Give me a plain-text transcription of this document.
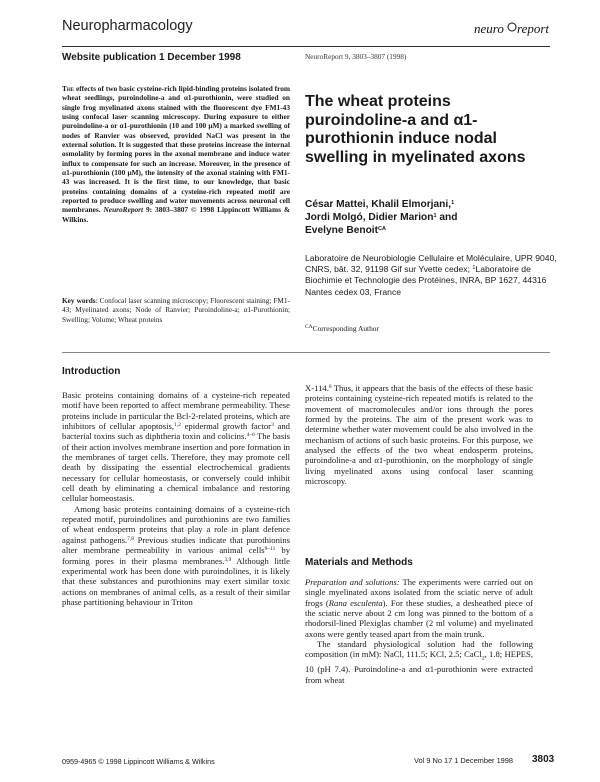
Neuropharmacology	neuro report
Website publication 1 December 1998	NeuroReport 9, 3803–3807 (1998)

The effects of two basic cysteine-rich lipid-binding proteins isolated from wheat seedlings, puroindoline-a and α1-purothionin, were studied on single frog myelinated axons stained with the fluorescent dye FM1-43 using confocal laser scanning microscopy. During exposure to either puroindoline-a or α1-purothionin (10 and 100 μM) a marked swelling of nodes of Ranvier was observed, provided NaCl was present in the external solution. It is suggested that these proteins increase the internal osmolality by forming pores in the axonal membrane and induce water influx to compensate for such an increase. Moreover, in the presence of α1-purothionin (100 μM), the intensity of the axonal staining with FM1-43 was increased. It is the first time, to our knowledge, that basic proteins containing domains of a cysteine-rich repeated motif are reported to produce swelling and water movements across neuronal cell membranes. NeuroReport 9: 3803–3807 © 1998 Lippincott Williams & Wilkins.

Key words: Confocal laser scanning microscopy; Fluorescent staining; FM1-43; Myelinated axons; Node of Ranvier; Puroindoline-a; α1-Purothionin; Swelling; Volume; Wheat proteins

The wheat proteins puroindoline-a and α1-purothionin induce nodal swelling in myelinated axons

César Mattei, Khalil Elmorjani,$^1$
Jordi Molgó, Didier Marion$^1$ and
Evelyne Benoit$^{CA}$

Laboratoire de Neurobiologie Cellulaire et Moléculaire, UPR 9040, CNRS, bât. 32, 91198 Gif sur Yvette cedex; $^1$Laboratoire de Biochimie et Technologie des Protéines, INRA, BP 1627, 44316 Nantes cedex 03, France

$^{CA}$Corresponding Author
Introduction

Basic proteins containing domains of a cysteine-rich repeated motif have been reported to affect membrane permeability. These proteins include in particular the Bcl-2-related proteins, which are inhibitors of cellular apoptosis,$^{1,2}$ epidermal growth factor$^3$ and bacterial toxins such as diphtheria toxin and colicins.$^{4-6}$ The basis of their action involves membrane insertion and pore formation in the membranes of target cells. Therefore, they may promote cell death by dissipating the essential electrochemical gradients necessary for cellular homeostasis, or conversely could inhibit cell death by eliminating a chemical imbalance and restoring cellular homeostasis.

Among basic proteins containing domains of a cysteine-rich repeated motif, puroindolines and purothionins are two families of wheat endosperm proteins that play a role in plant defence against pathogens.$^{7,8}$ Previous studies indicate that purothionins alter membrane permeability in various animal cells$^{9-11}$ by forming pores in their plasma membranes.$^{3,9}$ Although little experimental work has been done with puroindolines, it is likely that these substances and purothionins may exert similar toxic actions on membranes of animal cells, as a result of their similar phase partitioning behaviour in Triton

X-114.$^8$ Thus, it appears that the basis of the effects of these basic proteins containing cysteine-rich repeated motifs is related to the movement of macromolecules and/or ions through the pores formed by the proteins. The aim of the present work was to determine whether water movement could be also involved in the mechanism of actions of such basic proteins. For this purpose, we analysed the effects of the two wheat endosperm proteins, puroindoline-a and α1-purothionin, on the morphology of single living myelinated axons using confocal laser scanning microscopy.

Materials and Methods

Preparation and solutions: The experiments were carried out on single myelinated axons isolated from the sciatic nerve of adult frogs (Rana esculenta). For these studies, a desheathed piece of the sciatic nerve about 2 cm long was pinned to the bottom of a rhodorsil-lined Plexiglas chamber (2 ml volume) and myelinated axons were gently teased apart from the main trunk.

The standard physiological solution had the following composition (in mM): NaCl, 111.5; KCl, 2.5; CaCl$_2$, 1.8; HEPES, 10 (pH 7.4). Puroindoline-a and α1-purothionin were extracted from wheat

0959-4965 © 1998 Lippincott Williams & Wilkins	Vol 9 No 17 1 December 1998 3803
